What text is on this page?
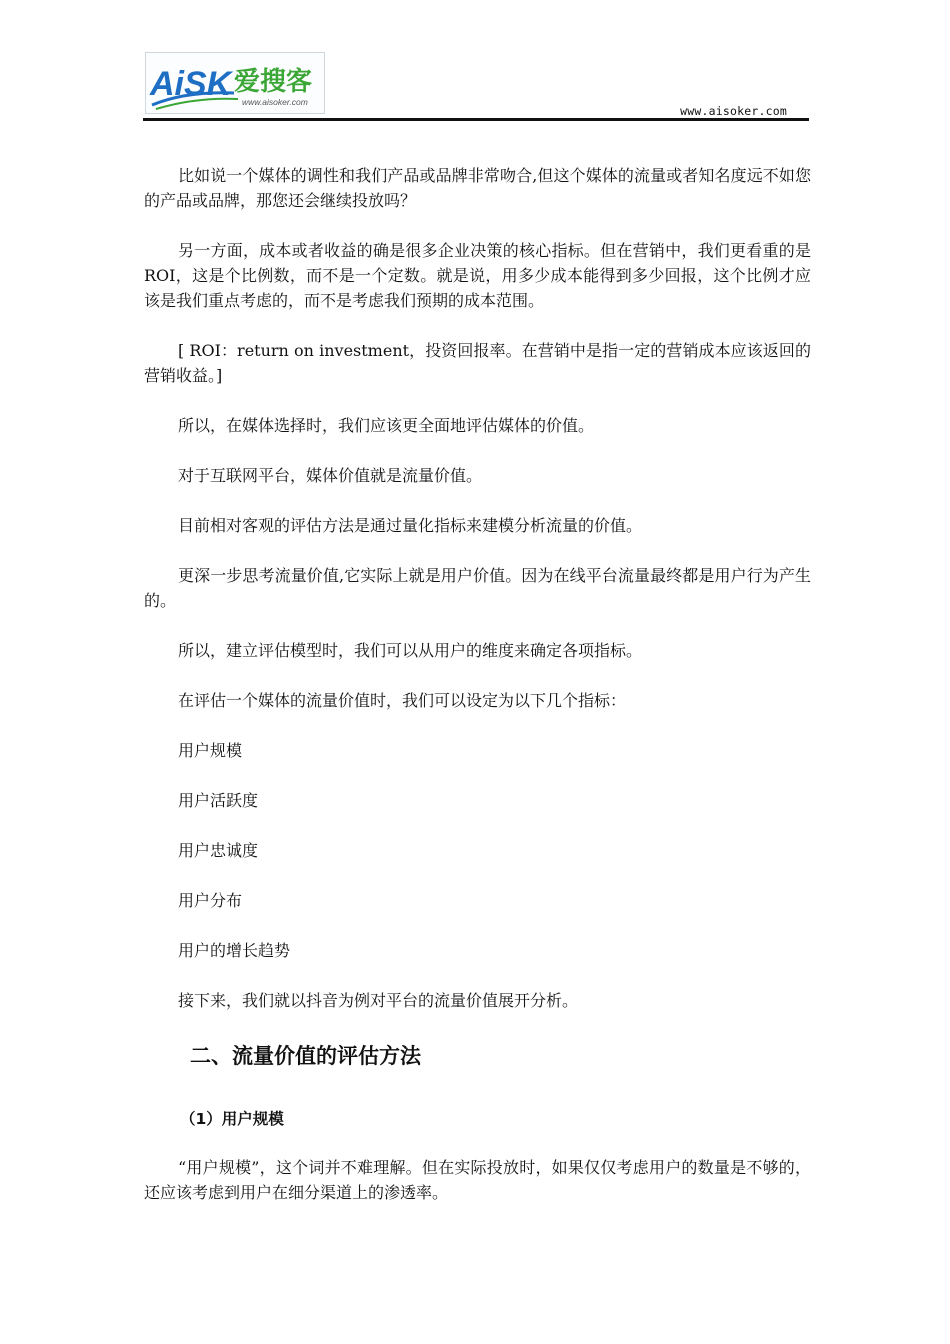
AiSK 爱搜客
www.aisoker.com
www.aisoker.com

比如说一个媒体的调性和我们产品或品牌非常吻合,但这个媒体的流量或者知名度远不如您的产品或品牌，那您还会继续投放吗？

另一方面，成本或者收益的确是很多企业决策的核心指标。但在营销中，我们更看重的是 ROI，这是个比例数，而不是一个定数。就是说，用多少成本能得到多少回报，这个比例才应该是我们重点考虑的，而不是考虑我们预期的成本范围。

[ ROI：return on investment，投资回报率。在营销中是指一定的营销成本应该返回的营销收益。]

所以，在媒体选择时，我们应该更全面地评估媒体的价值。

对于互联网平台，媒体价值就是流量价值。

目前相对客观的评估方法是通过量化指标来建模分析流量的价值。

更深一步思考流量价值,它实际上就是用户价值。因为在线平台流量最终都是用户行为产生的。

所以，建立评估模型时，我们可以从用户的维度来确定各项指标。

在评估一个媒体的流量价值时，我们可以设定为以下几个指标：

用户规模

用户活跃度

用户忠诚度

用户分布

用户的增长趋势

接下来，我们就以抖音为例对平台的流量价值展开分析。

二、流量价值的评估方法
（1）用户规模

“用户规模”，这个词并不难理解。但在实际投放时，如果仅仅考虑用户的数量是不够的，还应该考虑到用户在细分渠道上的渗透率。
